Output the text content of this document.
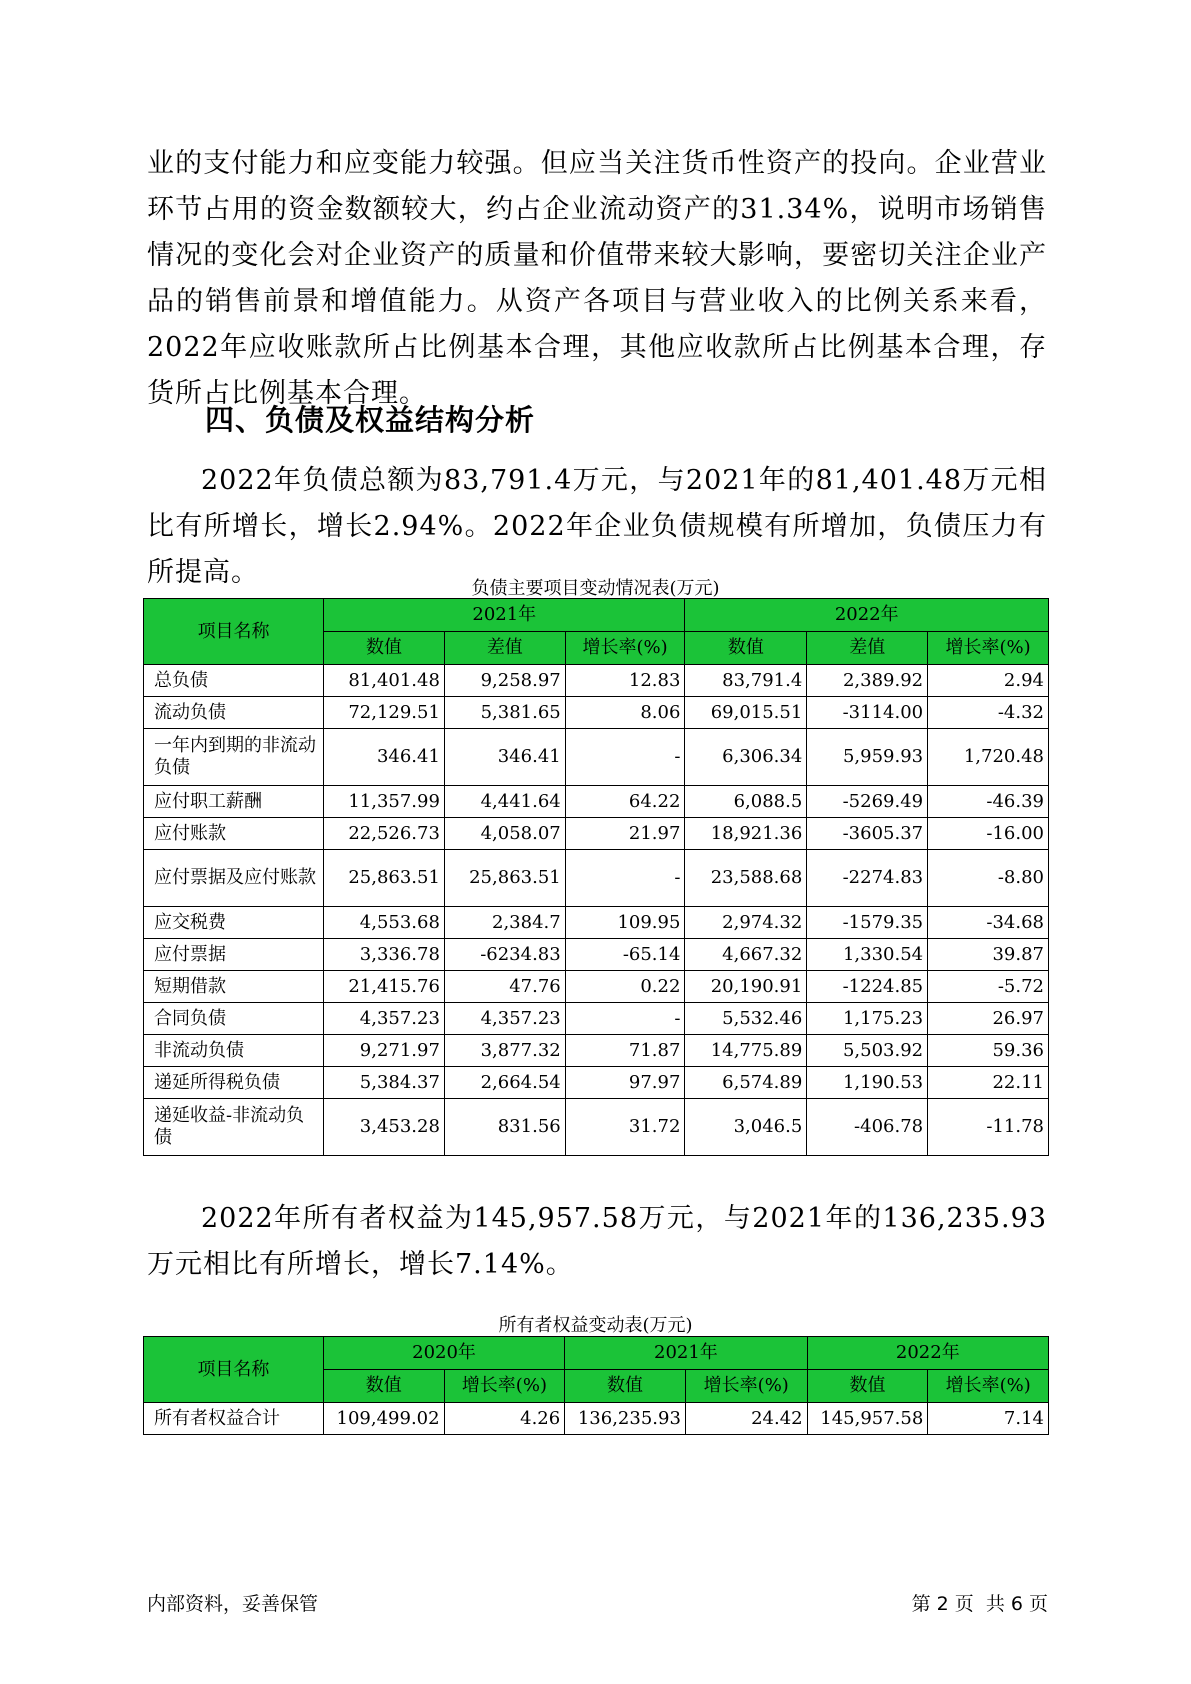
业的支付能力和应变能力较强。但应当关注货币性资产的投向。企业营业环节占用的资金数额较大，约占企业流动资产的31.34%，说明市场销售情况的变化会对企业资产的质量和价值带来较大影响，要密切关注企业产品的销售前景和增值能力。从资产各项目与营业收入的比例关系来看，2022年应收账款所占比例基本合理，其他应收款所占比例基本合理，存货所占比例基本合理。

四、负债及权益结构分析

2022年负债总额为83,791.4万元，与2021年的81,401.48万元相比有所增长，增长2.94%。2022年企业负债规模有所增加，负债压力有所提高。

负债主要项目变动情况表(万元)

项目名称	2021年			2022年		
	数值	差值	增长率(%)	数值	差值	增长率(%)
总负债	81,401.48	9,258.97	12.83	83,791.4	2,389.92	2.94
流动负债	72,129.51	5,381.65	8.06	69,015.51	-3114.00	-4.32
一年内到期的非流动负债	346.41	346.41	-	6,306.34	5,959.93	1,720.48
应付职工薪酬	11,357.99	4,441.64	64.22	6,088.5	-5269.49	-46.39
应付账款	22,526.73	4,058.07	21.97	18,921.36	-3605.37	-16.00
应付票据及应付账款	25,863.51	25,863.51	-	23,588.68	-2274.83	-8.80
应交税费	4,553.68	2,384.7	109.95	2,974.32	-1579.35	-34.68
应付票据	3,336.78	-6234.83	-65.14	4,667.32	1,330.54	39.87
短期借款	21,415.76	47.76	0.22	20,190.91	-1224.85	-5.72
合同负债	4,357.23	4,357.23	-	5,532.46	1,175.23	26.97
非流动负债	9,271.97	3,877.32	71.87	14,775.89	5,503.92	59.36
递延所得税负债	5,384.37	2,664.54	97.97	6,574.89	1,190.53	22.11
递延收益-非流动负债	3,453.28	831.56	31.72	3,046.5	-406.78	-11.78

2022年所有者权益为145,957.58万元，与2021年的136,235.93万元相比有所增长，增长7.14%。

所有者权益变动表(万元)

项目名称	2020年		2021年		2022年	
	数值	增长率(%)	数值	增长率(%)	数值	增长率(%)
所有者权益合计	109,499.02	4.26	136,235.93	24.42	145,957.58	7.14

内部资料，妥善保管	第 2 页  共 6 页
